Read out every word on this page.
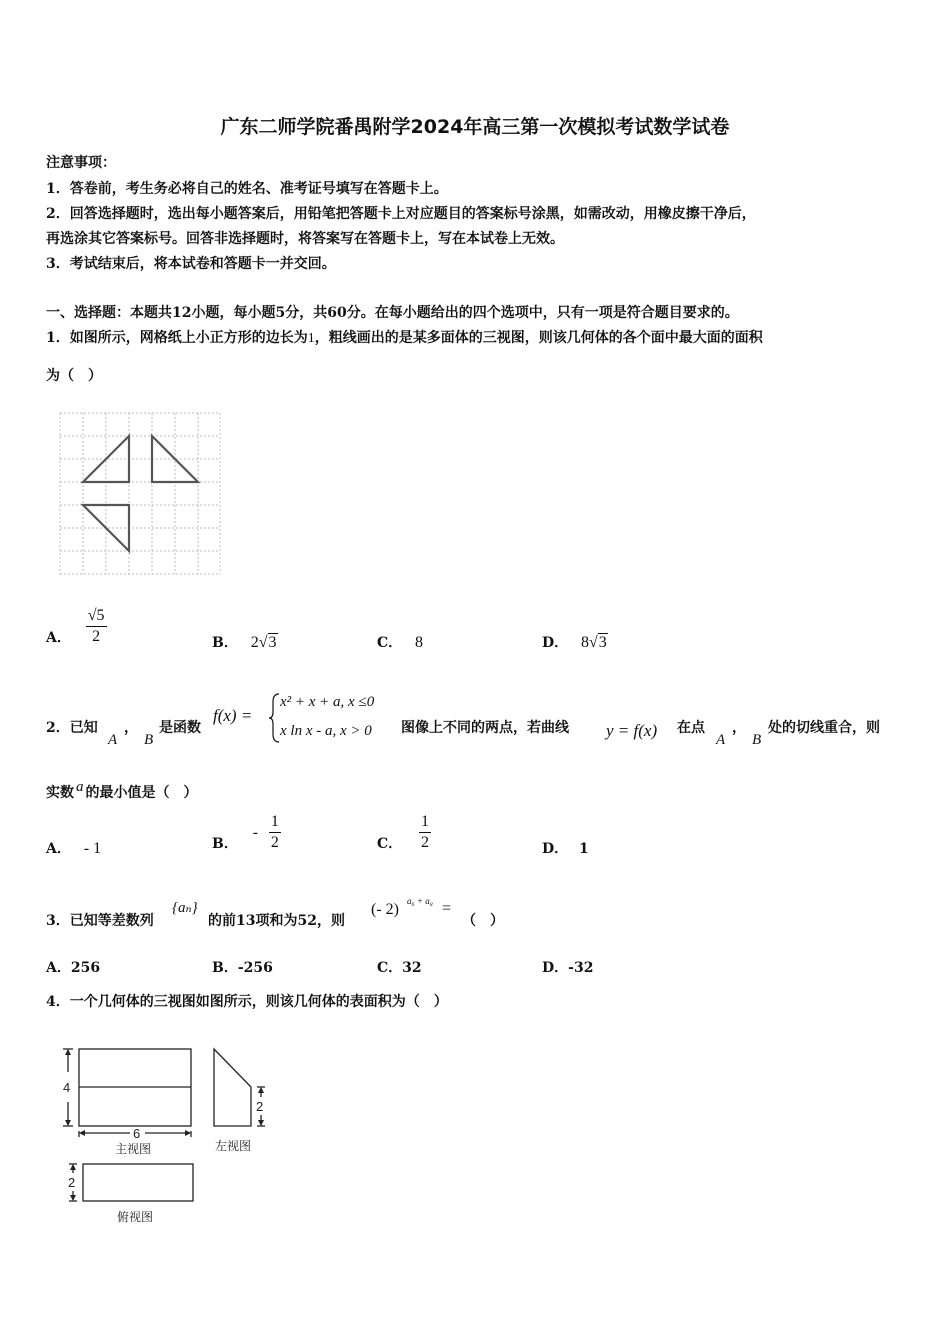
广东二师学院番禺附学2024年高三第一次模拟考试数学试卷
注意事项：
1．答卷前，考生务必将自己的姓名、准考证号填写在答题卡上。
2．回答选择题时，选出每小题答案后，用铅笔把答题卡上对应题目的答案标号涂黑，如需改动，用橡皮擦干净后，
再选涂其它答案标号。回答非选择题时，将答案写在答题卡上，写在本试卷上无效。
3．考试结束后，将本试卷和答题卡一并交回。
一、选择题：本题共12小题，每小题5分，共60分。在每小题给出的四个选项中，只有一项是符合题目要求的。
1．如图所示，网格纸上小正方形的边长为1，粗线画出的是某多面体的三视图，则该几何体的各个面中最大面的面积
为（　）
A． $\frac{√5}{2}$	B． 2√3	C． 8	D． 8√3
2．已知
A
，
B
是函数
f(x) =
x² + x + a, x ≤0
x ln x - a, x > 0 图像上不同的两点，若曲线 y = f(x) 在点
A
，
B
处的切线重合，则
实数 a 的最小值是（　）
A． - 1	B． - $\frac{1}{2}$	C． $\frac{1}{2}$	D． 1
3．已知等差数列
{aₙ}
的前13项和为52，则
(- 2) a₆ + a₈ =
（　）
A．256	B．-256	C．32	D．-32
4．一个几何体的三视图如图所示，则该几何体的表面积为（　）
4
6
2
2
主视图	左视图
俯视图
